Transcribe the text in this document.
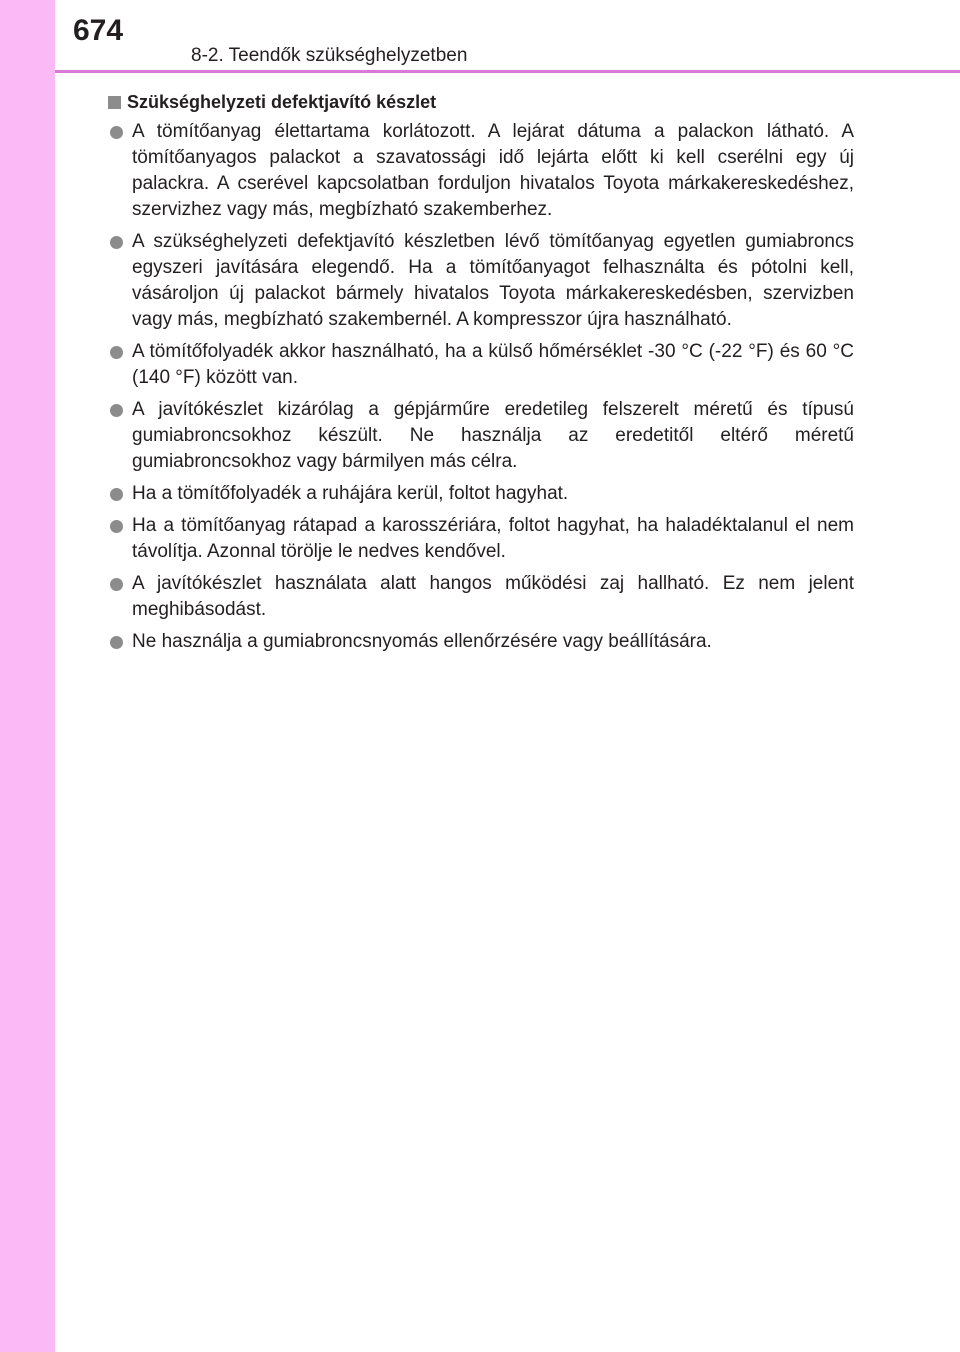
674
8-2. Teendők szükséghelyzetben
Szükséghelyzeti defektjavító készlet
A tömítőanyag élettartama korlátozott. A lejárat dátuma a palackon látható. A tömítőanyagos palackot a szavatossági idő lejárta előtt ki kell cserélni egy új palackra. A cserével kapcsolatban forduljon hivatalos Toyota márkakereskedéshez, szervizhez vagy más, megbízható szakemberhez.
A szükséghelyzeti defektjavító készletben lévő tömítőanyag egyetlen gumiabroncs egyszeri javítására elegendő. Ha a tömítőanyagot felhasználta és pótolni kell, vásároljon új palackot bármely hivatalos Toyota márkakereskedésben, szervizben vagy más, megbízható szakembernél. A kompresszor újra használható.
A tömítőfolyadék akkor használható, ha a külső hőmérséklet -30 °C (-22 °F) és 60 °C (140 °F) között van.
A javítókészlet kizárólag a gépjárműre eredetileg felszerelt méretű és típusú gumiabroncsokhoz készült. Ne használja az eredetitől eltérő méretű gumiabroncsokhoz vagy bármilyen más célra.
Ha a tömítőfolyadék a ruhájára kerül, foltot hagyhat.
Ha a tömítőanyag rátapad a karosszériára, foltot hagyhat, ha haladéktalanul el nem távolítja. Azonnal törölje le nedves kendővel.
A javítókészlet használata alatt hangos működési zaj hallható. Ez nem jelent meghibásodást.
Ne használja a gumiabroncsnyomás ellenőrzésére vagy beállítására.
